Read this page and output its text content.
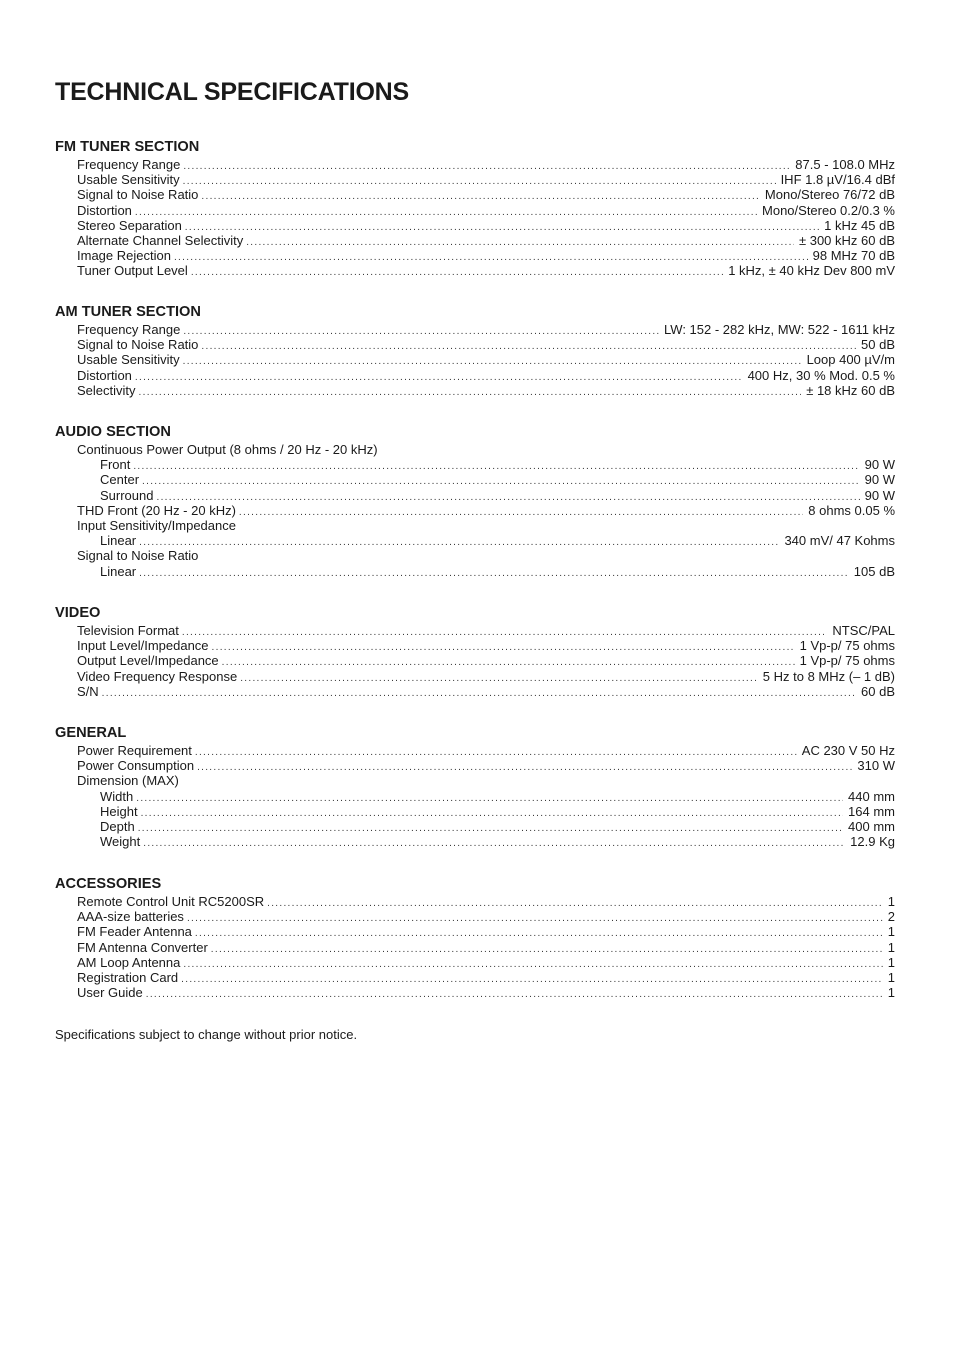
TECHNICAL SPECIFICATIONS
FM TUNER SECTION
Frequency Range .....	87.5 - 108.0 MHz
Usable Sensitivity .....	IHF 1.8 µV/16.4 dBf
Signal to Noise Ratio .....	Mono/Stereo 76/72 dB
Distortion .....	Mono/Stereo 0.2/0.3 %
Stereo Separation .....	1 kHz 45 dB
Alternate Channel Selectivity .....	± 300 kHz 60 dB
Image Rejection .....	98 MHz 70 dB
Tuner Output Level .....	1 kHz, ± 40 kHz Dev 800 mV
AM TUNER SECTION
Frequency Range .....	LW: 152 - 282 kHz, MW: 522 - 1611 kHz
Signal to Noise Ratio .....	50 dB
Usable Sensitivity .....	Loop 400 µV/m
Distortion .....	400 Hz, 30 % Mod. 0.5 %
Selectivity .....	± 18 kHz 60 dB
AUDIO SECTION
Continuous Power Output (8 ohms / 20 Hz - 20 kHz)
Front .....	90 W
Center .....	90 W
Surround .....	90 W
THD Front (20 Hz - 20 kHz) .....	8 ohms 0.05 %
Input Sensitivity/Impedance
Linear .....	340 mV/ 47 Kohms
Signal to Noise Ratio
Linear .....	105 dB
VIDEO
Television Format .....	NTSC/PAL
Input Level/Impedance .....	1 Vp-p/ 75 ohms
Output Level/Impedance .....	1 Vp-p/ 75 ohms
Video Frequency Response .....	5 Hz to 8 MHz (– 1 dB)
S/N .....	60 dB
GENERAL
Power Requirement .....	AC 230 V 50 Hz
Power Consumption .....	310 W
Dimension (MAX)
Width .....	440 mm
Height .....	164 mm
Depth .....	400 mm
Weight .....	12.9 Kg
ACCESSORIES
Remote Control Unit RC5200SR .....	1
AAA-size batteries .....	2
FM Feader Antenna .....	1
FM Antenna Converter .....	1
AM Loop Antenna .....	1
Registration Card .....	1
User Guide .....	1
Specifications subject to change without prior notice.
